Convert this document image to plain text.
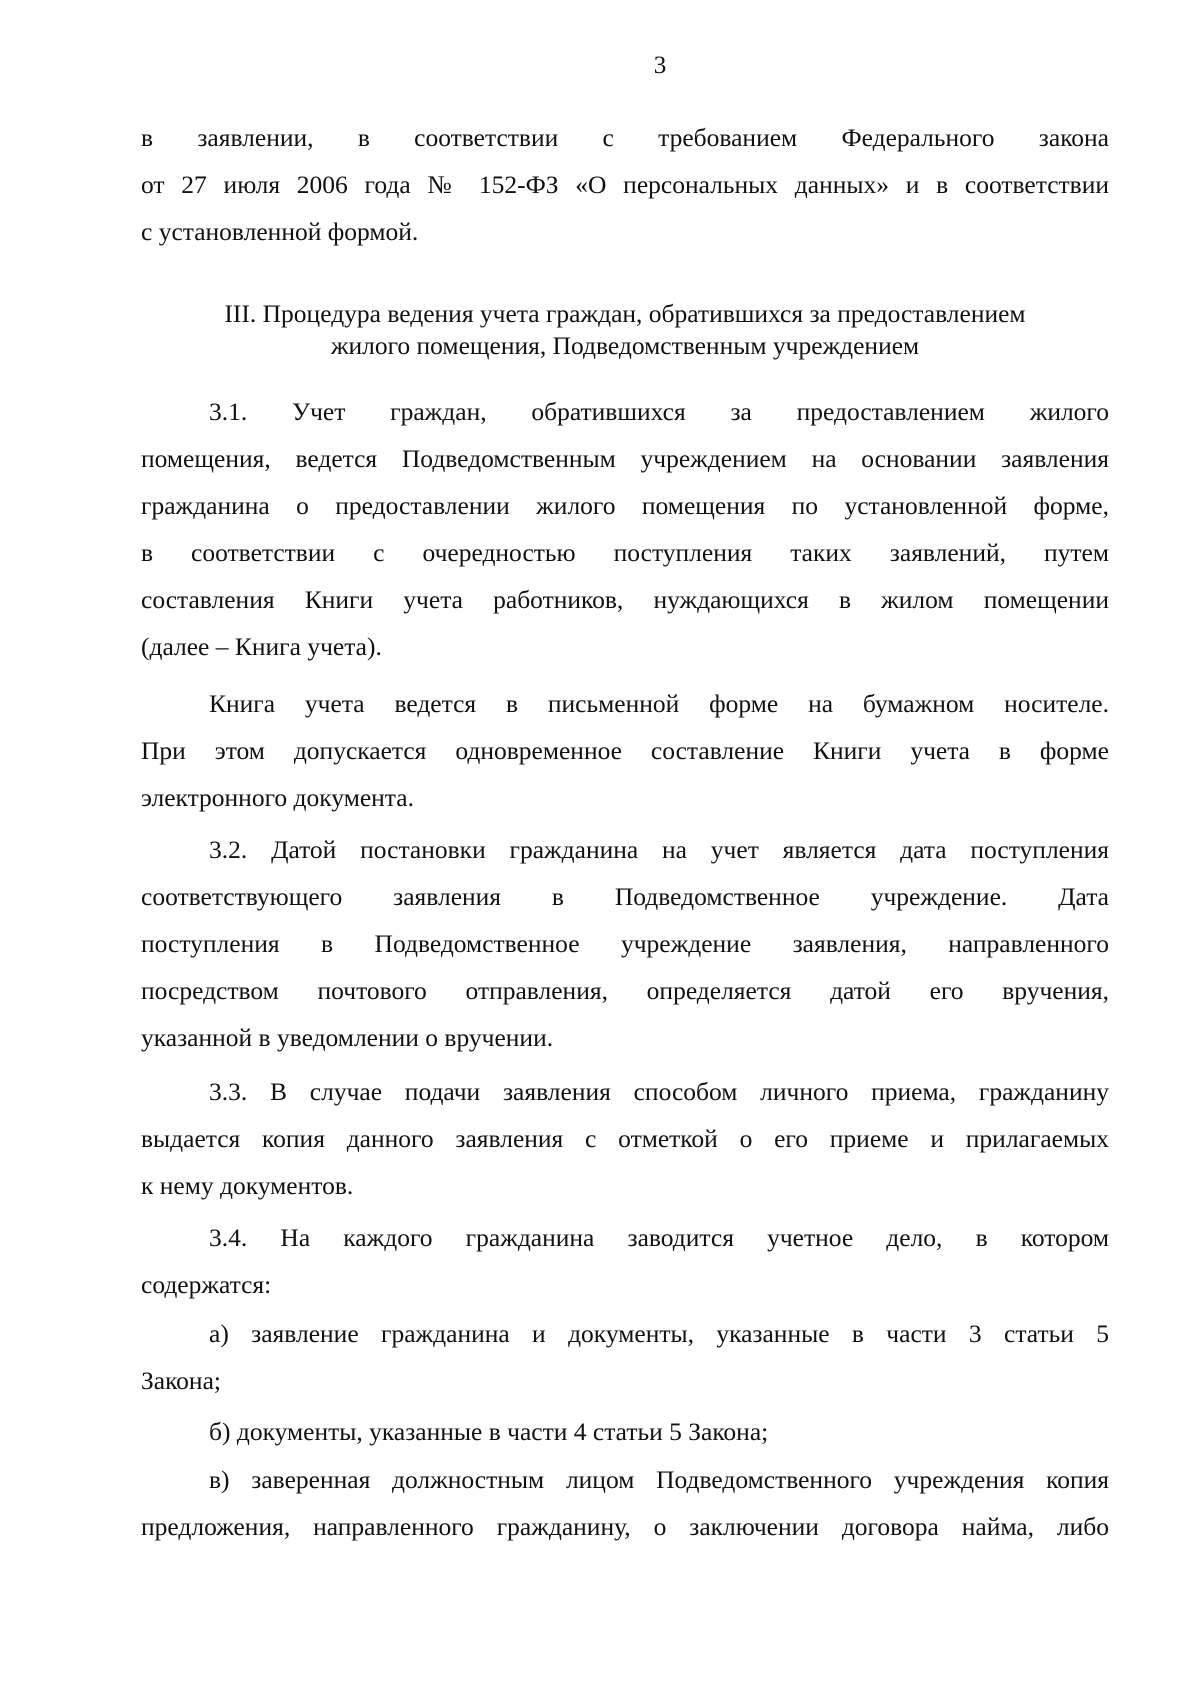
3
в заявлении, в соответствии с требованием Федерального закона
от 27 июля 2006 года № 152-ФЗ «О персональных данных» и в соответствии
с установленной формой.
III. Процедура ведения учета граждан, обратившихся за предоставлением
жилого помещения, Подведомственным учреждением
3.1. Учет граждан, обратившихся за предоставлением жилого
помещения, ведется Подведомственным учреждением на основании заявления
гражданина о предоставлении жилого помещения по установленной форме,
в соответствии с очередностью поступления таких заявлений, путем
составления Книги учета работников, нуждающихся в жилом помещении
(далее – Книга учета).
Книга учета ведется в письменной форме на бумажном носителе.
При этом допускается одновременное составление Книги учета в форме
электронного документа.
3.2. Датой постановки гражданина на учет является дата поступления
соответствующего заявления в Подведомственное учреждение. Дата
поступления в Подведомственное учреждение заявления, направленного
посредством почтового отправления, определяется датой его вручения,
указанной в уведомлении о вручении.
3.3. В случае подачи заявления способом личного приема, гражданину
выдается копия данного заявления с отметкой о его приеме и прилагаемых
к нему документов.
3.4. На каждого гражданина заводится учетное дело, в котором
содержатся:
а) заявление гражданина и документы, указанные в части 3 статьи 5
Закона;
б) документы, указанные в части 4 статьи 5 Закона;
в) заверенная должностным лицом Подведомственного учреждения копия
предложения, направленного гражданину, о заключении договора найма, либо
